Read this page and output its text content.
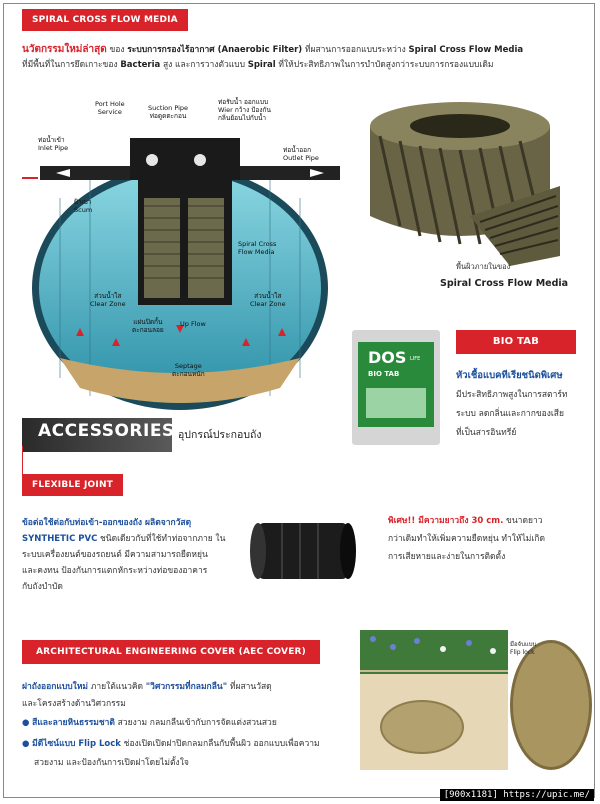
SPIRAL CROSS FLOW MEDIA
นวัตกรรมใหม่ล่าสุด ของ ระบบการกรองไร้อากาศ (Anaerobic Filter) ที่ผสานการออกแบบระหว่าง Spiral Cross Flow Media
ที่มีพื้นที่ในการยึดเกาะของ Bacteria สูง และการวางตัวแบบ Spiral ที่ให้ประสิทธิภาพในการบำบัดสูงกว่าระบบการกรองแบบเดิม
ท่อน้ำเข้า
Inlet Pipe
Port Hole
Service	Suction Pipe
ท่อดูดตะกอน
ท่อรับน้ำ ออกแบบ
Wier กว้าง ป้องกัน
กลิ่นย้อนไปกับน้ำ
ท่อน้ำออก
Outlet Pipe
ฝ้าเบา
Scum
Spiral Cross
Flow Media
ส่วนน้ำใส
Clear Zone
ส่วนน้ำใส
Clear Zone
แผ่นปิดกั้น
ตะกอนลอย
Up Flow
Septage
ตะกอนหนัก
พื้นผิวภายในของ
Spiral Cross Flow Media
ACCESSORIES อุปกรณ์ประกอบถัง
DOS LIFE
BIO TAB
BIO TAB
หัวเชื้อแบคทีเรียชนิดพิเศษ
มีประสิทธิภาพสูงในการสตาร์ท
ระบบ ลดกลิ่นและกากของเสีย
ที่เป็นสารอินทรีย์
FLEXIBLE JOINT
ข้อต่อใช้ต่อกับท่อเข้า-ออกของถัง ผลิตจากวัสดุ
SYNTHETIC PVC ชนิดเดียวกับที่ใช้ทำท่อจากภาย ใน
ระบบเครื่องยนต์ของรถยนต์ มีความสามารถยืดหยุ่น
และคงทน ป้องกันการแตกหักระหว่างท่อของอาคาร
กับถังบำบัด
พิเศษ!! มีความยาวถึง 30 cm. ขนาดยาว
กว่าเดิมทำให้เพิ่มความยืดหยุ่น ทำให้ไม่เกิด
การเสียหายและง่ายในการติดตั้ง
ARCHITECTURAL ENGINEERING COVER (AEC COVER)
ฝาถังออกแบบใหม่ ภายใต้แนวคิด "วิศวกรรมที่กลมกลืน" ที่ผสานวัสดุ
และโครงสร้างด้านวิศวกรรม
● สีและลายหินธรรมชาติ สวยงาม กลมกลืนเข้ากับการจัดแต่งสวนสวย
● มีดีไซน์แบบ Flip Lock ช่องเปิดเปิดฝาปิดกลมกลืนกับพื้นผิว ออกแบบเพื่อความ
สวยงาม และป้องกันการเปิดฝาโดยไม่ตั้งใจ
มือจับแบบ
Flip lock
[900x1181] https://upic.me/
